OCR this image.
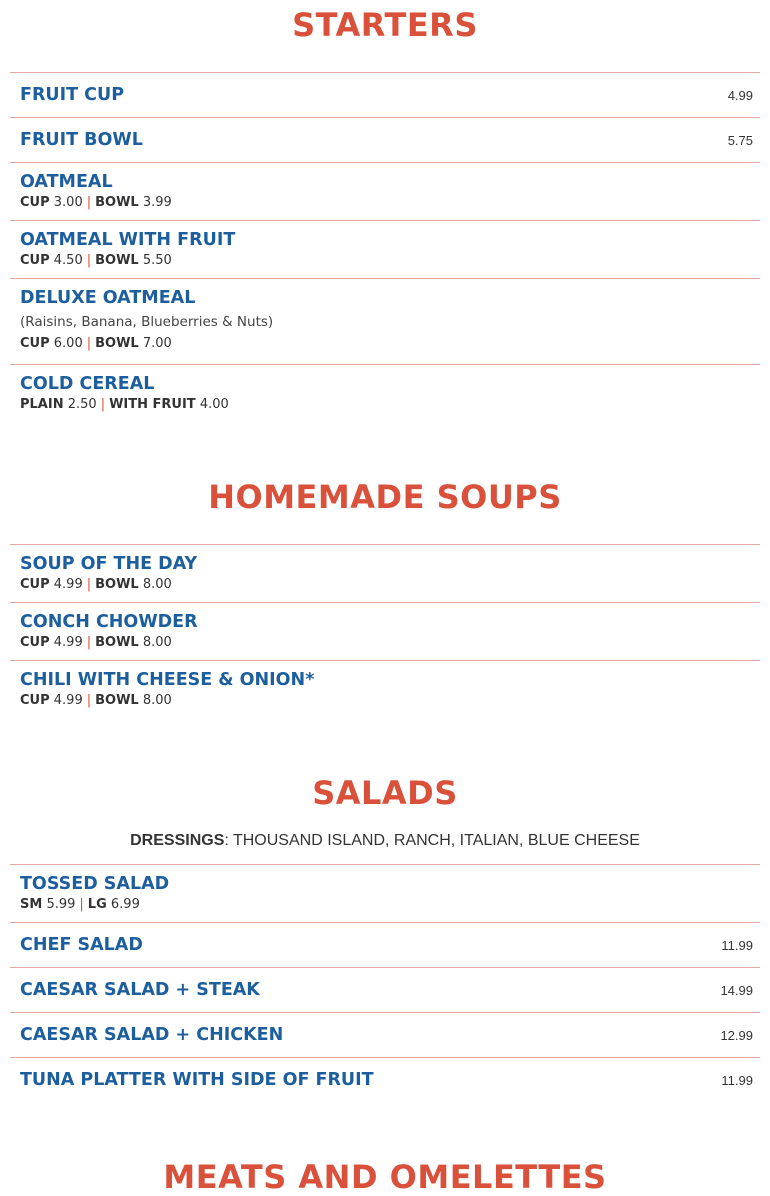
STARTERS
FRUIT CUP	4.99
FRUIT BOWL	5.75
OATMEAL
CUP 3.00 | BOWL 3.99
OATMEAL WITH FRUIT
CUP 4.50 | BOWL 5.50
DELUXE OATMEAL
(Raisins, Banana, Blueberries & Nuts)
CUP 6.00 | BOWL 7.00
COLD CEREAL
PLAIN 2.50 | WITH FRUIT 4.00
HOMEMADE SOUPS
SOUP OF THE DAY
CUP 4.99 | BOWL 8.00
CONCH CHOWDER
CUP 4.99 | BOWL 8.00
CHILI WITH CHEESE & ONION*
CUP 4.99 | BOWL 8.00
SALADS
DRESSINGS: THOUSAND ISLAND, RANCH, ITALIAN, BLUE CHEESE
TOSSED SALAD
SM 5.99 | LG 6.99
CHEF SALAD	11.99
CAESAR SALAD + STEAK	14.99
CAESAR SALAD + CHICKEN	12.99
TUNA PLATTER WITH SIDE OF FRUIT	11.99
MEATS AND OMELETTES
